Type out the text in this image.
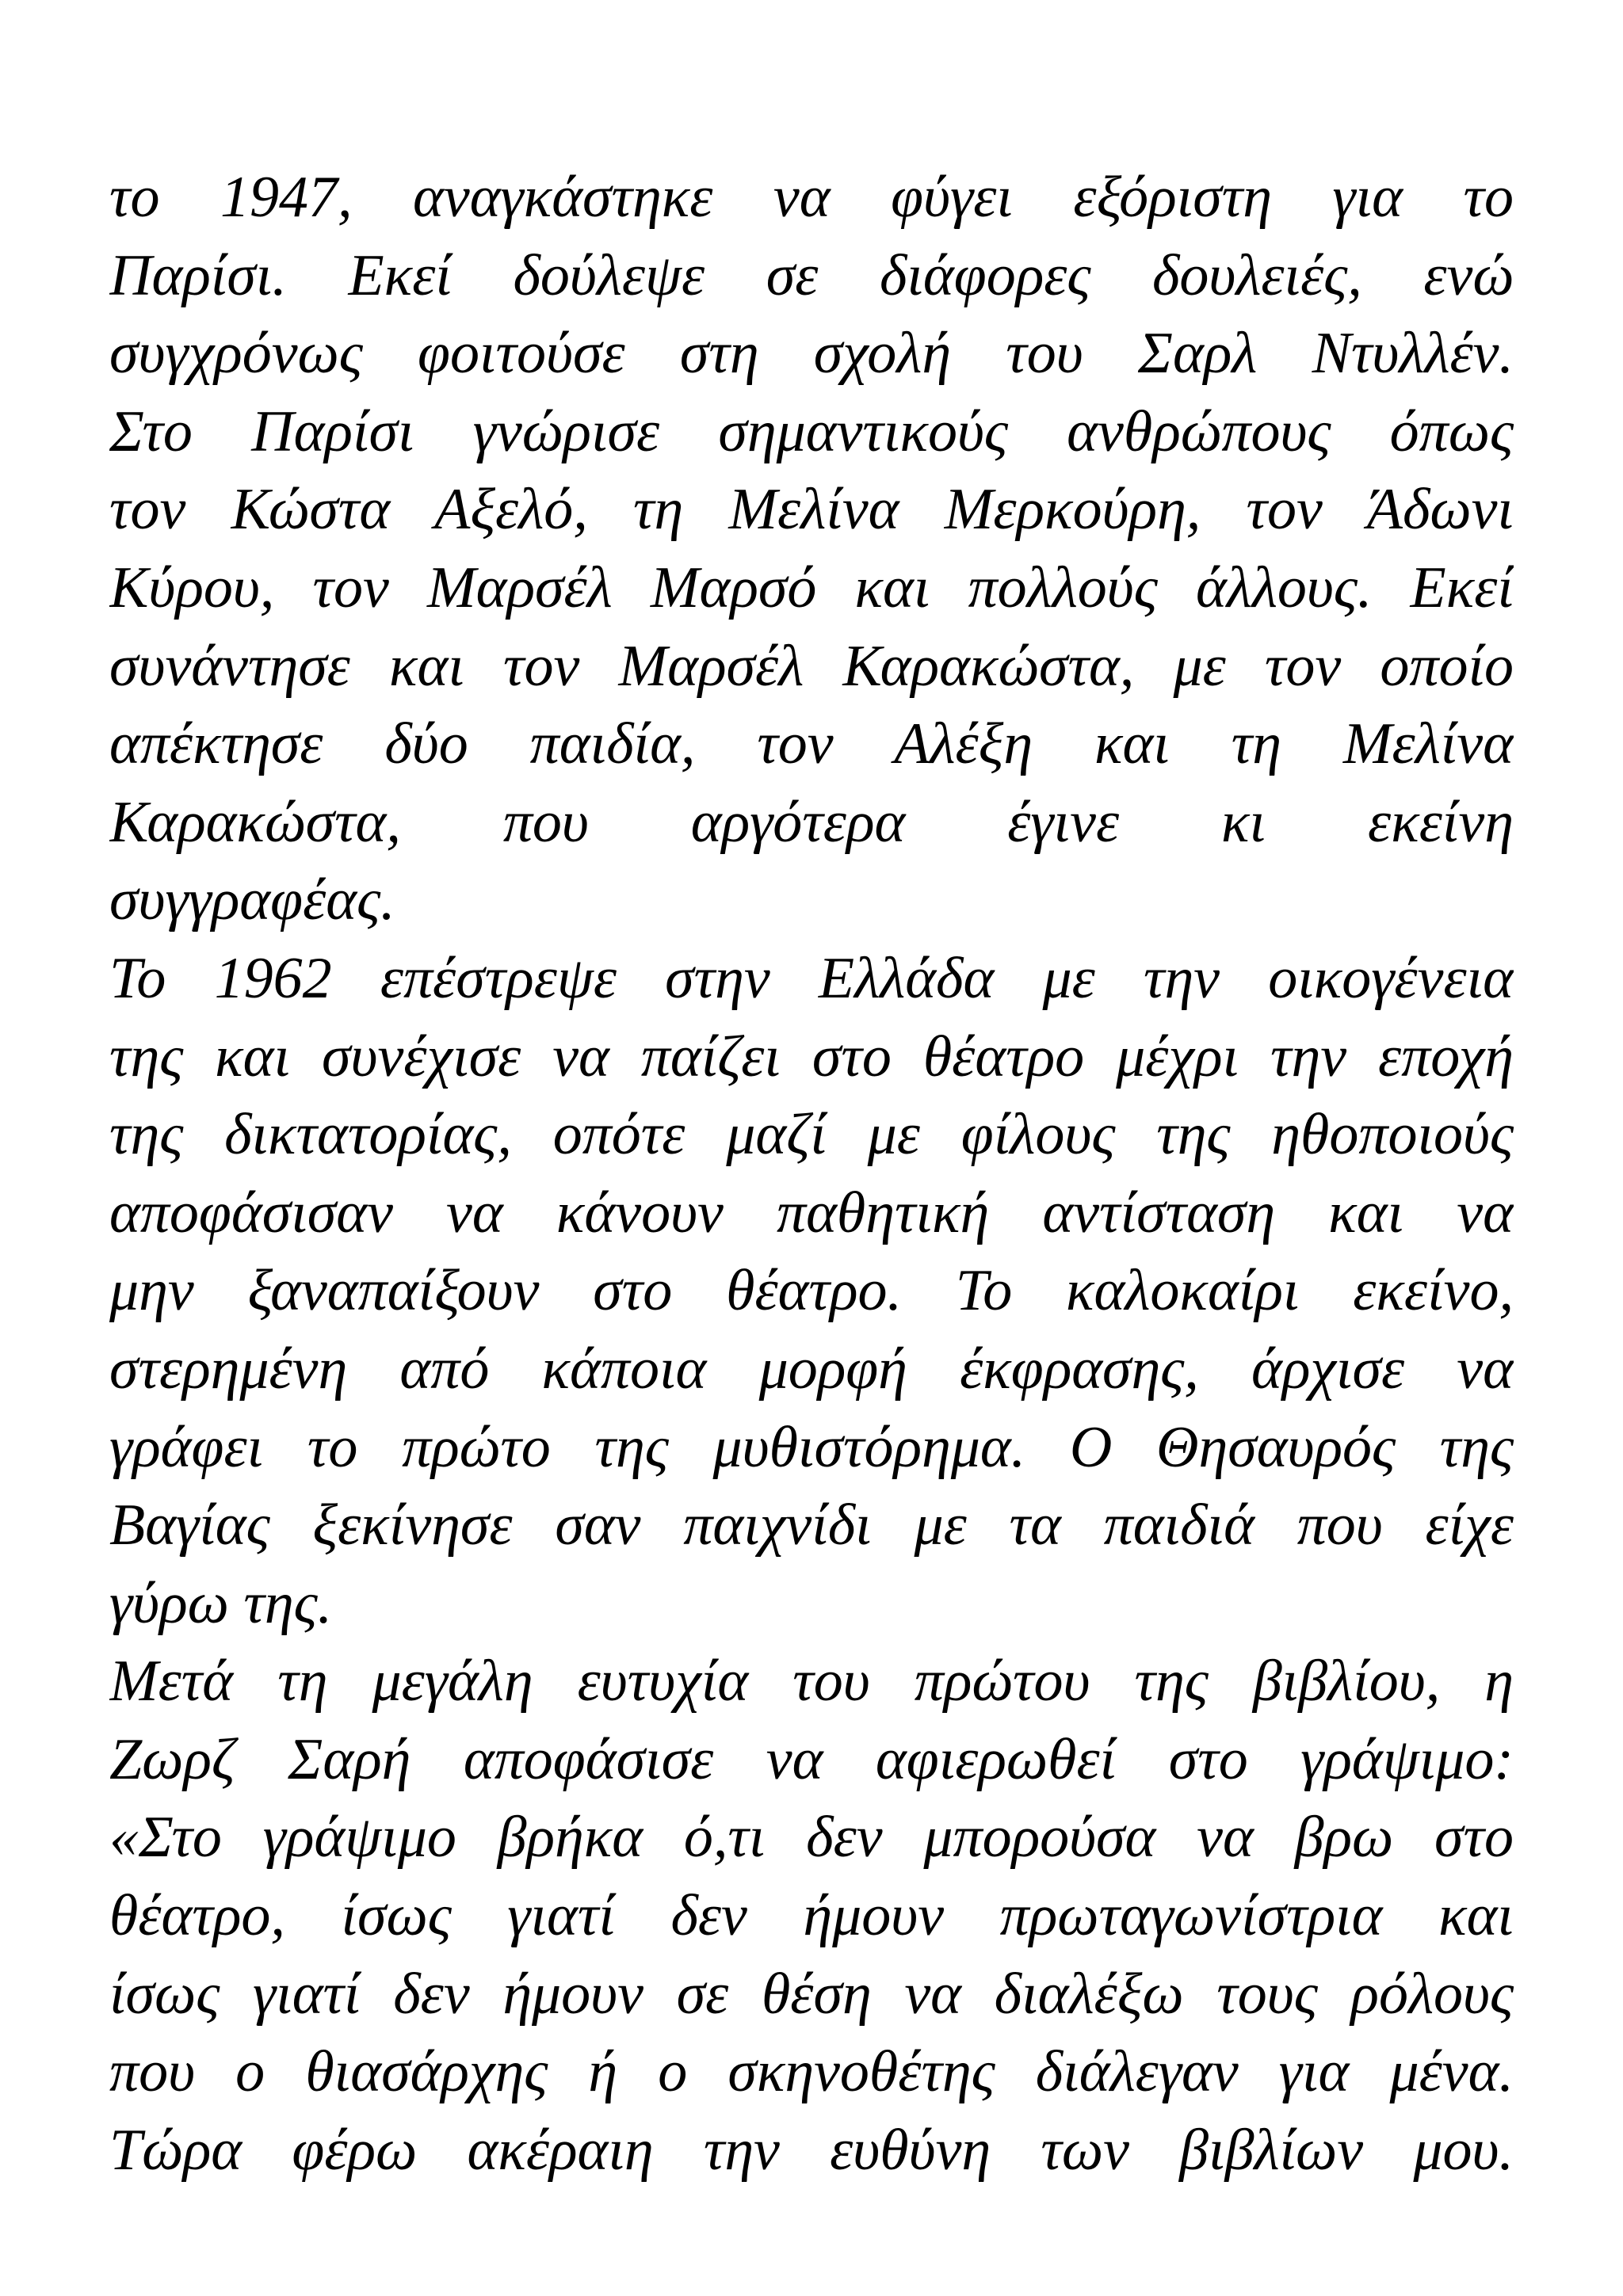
το 1947, αναγκάστηκε να φύγει εξόριστη για το
Παρίσι. Εκεί δούλεψε σε διάφορες δουλειές, ενώ
συγχρόνως φοιτούσε στη σχολή του Σαρλ Ντυλλέν.
Στο Παρίσι γνώρισε σημαντικούς ανθρώπους όπως
τον Κώστα Αξελό, τη Μελίνα Μερκούρη, τον Άδωνι
Κύρου, τον Μαρσέλ Μαρσό και πολλούς άλλους. Εκεί
συνάντησε και τον Μαρσέλ Καρακώστα, με τον οποίο
απέκτησε δύο παιδία, τον Αλέξη και τη Μελίνα
Καρακώστα, που αργότερα έγινε κι εκείνη
συγγραφέας.
Το 1962 επέστρεψε στην Ελλάδα με την οικογένεια
της και συνέχισε να παίζει στο θέατρο μέχρι την εποχή
της δικτατορίας, οπότε μαζί με φίλους της ηθοποιούς
αποφάσισαν να κάνουν παθητική αντίσταση και να
μην ξαναπαίξουν στο θέατρο. Το καλοκαίρι εκείνο,
στερημένη από κάποια μορφή έκφρασης, άρχισε να
γράφει το πρώτο της μυθιστόρημα. Ο Θησαυρός της
Βαγίας ξεκίνησε σαν παιχνίδι με τα παιδιά που είχε
γύρω της.
Μετά τη μεγάλη ευτυχία του πρώτου της βιβλίου, η
Ζωρζ Σαρή αποφάσισε να αφιερωθεί στο γράψιμο:
«Στο γράψιμο βρήκα ό,τι δεν μπορούσα να βρω στο
θέατρο, ίσως γιατί δεν ήμουν πρωταγωνίστρια και
ίσως γιατί δεν ήμουν σε θέση να διαλέξω τους ρόλους
που ο θιασάρχης ή ο σκηνοθέτης διάλεγαν για μένα.
Τώρα φέρω ακέραιη την ευθύνη των βιβλίων μου.
